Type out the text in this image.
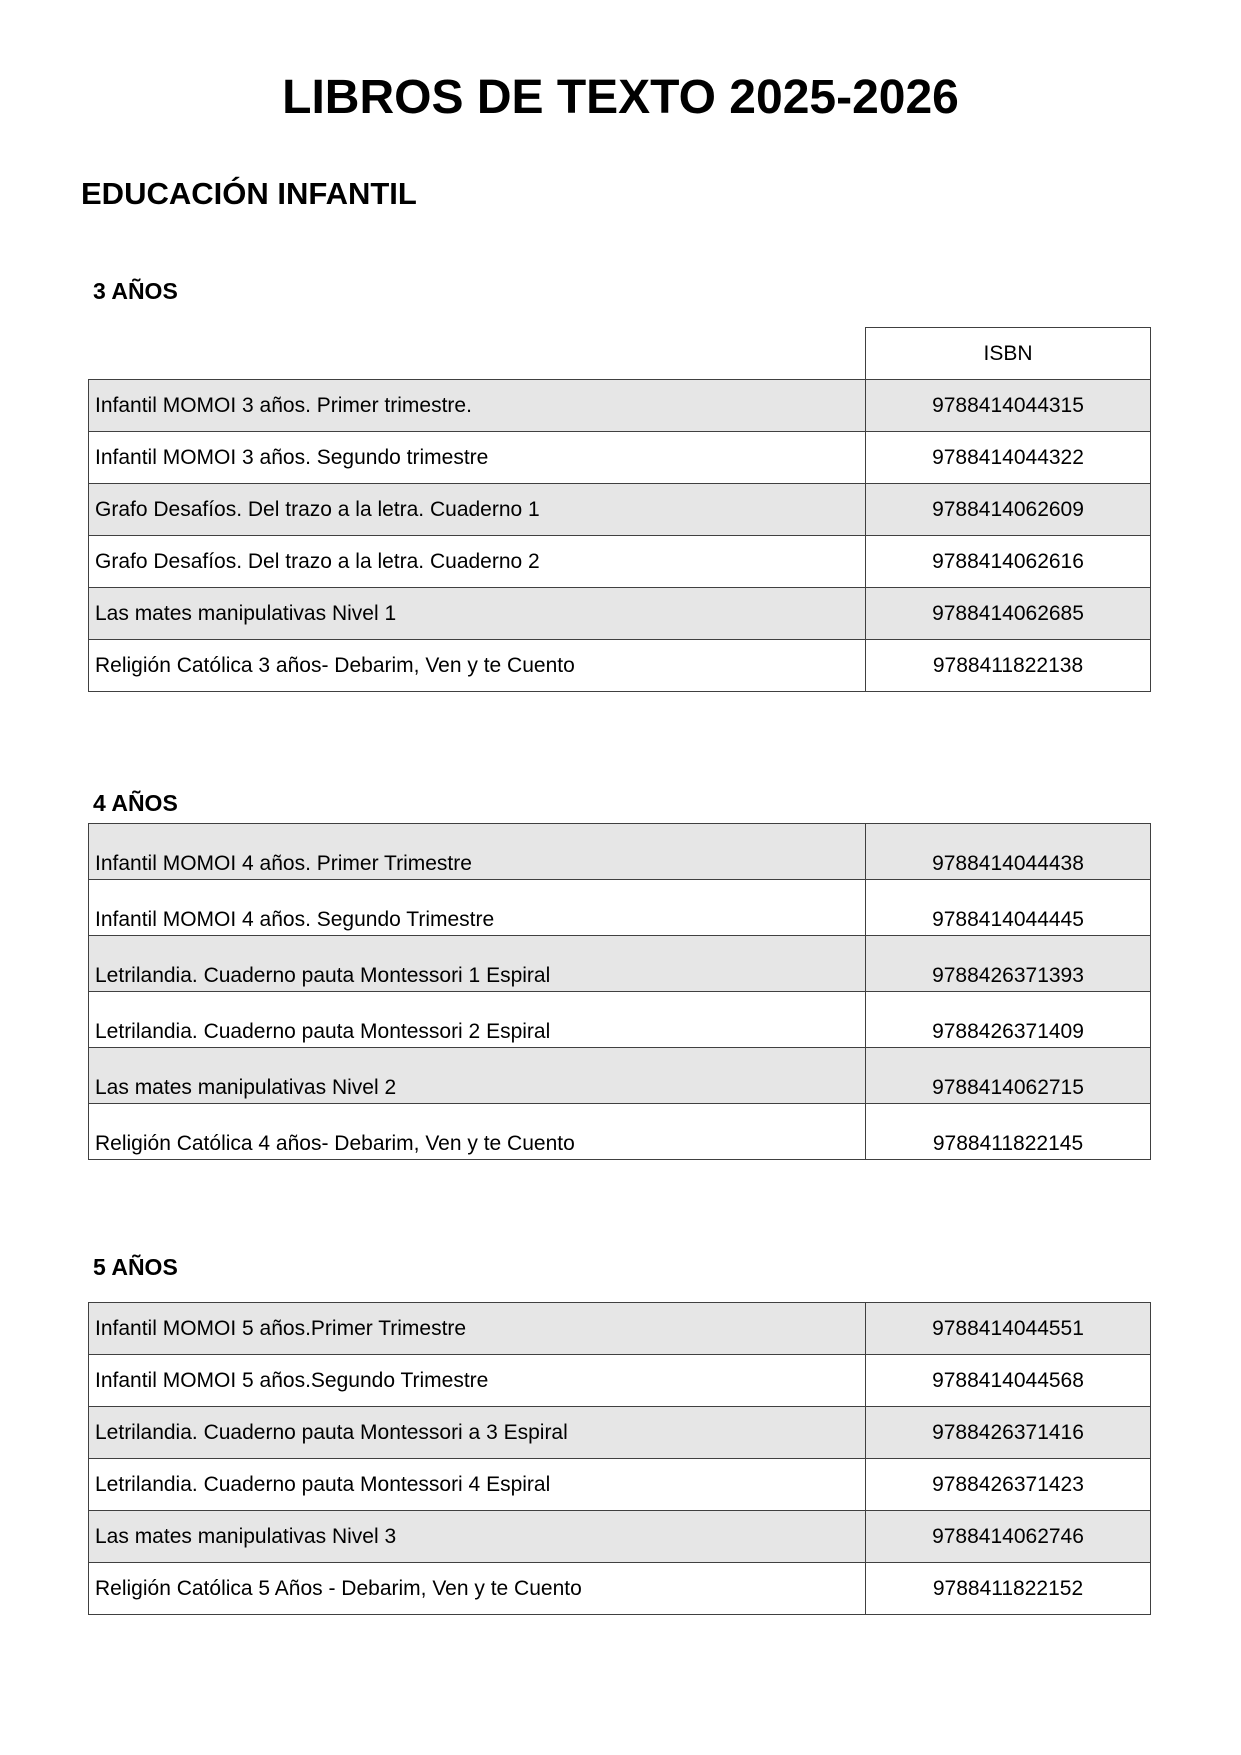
LIBROS DE TEXTO 2025-2026
EDUCACIÓN INFANTIL
3 AÑOS
	ISBN
Infantil MOMOI 3 años. Primer trimestre.	9788414044315
Infantil MOMOI 3 años. Segundo trimestre	9788414044322
Grafo Desafíos. Del trazo a la letra. Cuaderno 1	9788414062609
Grafo Desafíos. Del trazo a la letra. Cuaderno 2	9788414062616
Las mates manipulativas Nivel 1	9788414062685
Religión Católica 3 años- Debarim, Ven y te Cuento	9788411822138
4 AÑOS
Infantil MOMOI 4 años. Primer Trimestre	9788414044438
Infantil MOMOI 4 años. Segundo Trimestre	9788414044445
Letrilandia. Cuaderno pauta Montessori 1 Espiral	9788426371393
Letrilandia. Cuaderno pauta Montessori 2 Espiral	9788426371409
Las mates manipulativas Nivel 2	9788414062715
Religión Católica 4 años- Debarim, Ven y te Cuento	9788411822145
5 AÑOS
Infantil MOMOI 5 años.Primer Trimestre	9788414044551
Infantil MOMOI 5 años.Segundo Trimestre	9788414044568
Letrilandia. Cuaderno pauta Montessori a 3 Espiral	9788426371416
Letrilandia. Cuaderno pauta Montessori 4 Espiral	9788426371423
Las mates manipulativas Nivel 3	9788414062746
Religión Católica 5 Años - Debarim, Ven y te Cuento	9788411822152
